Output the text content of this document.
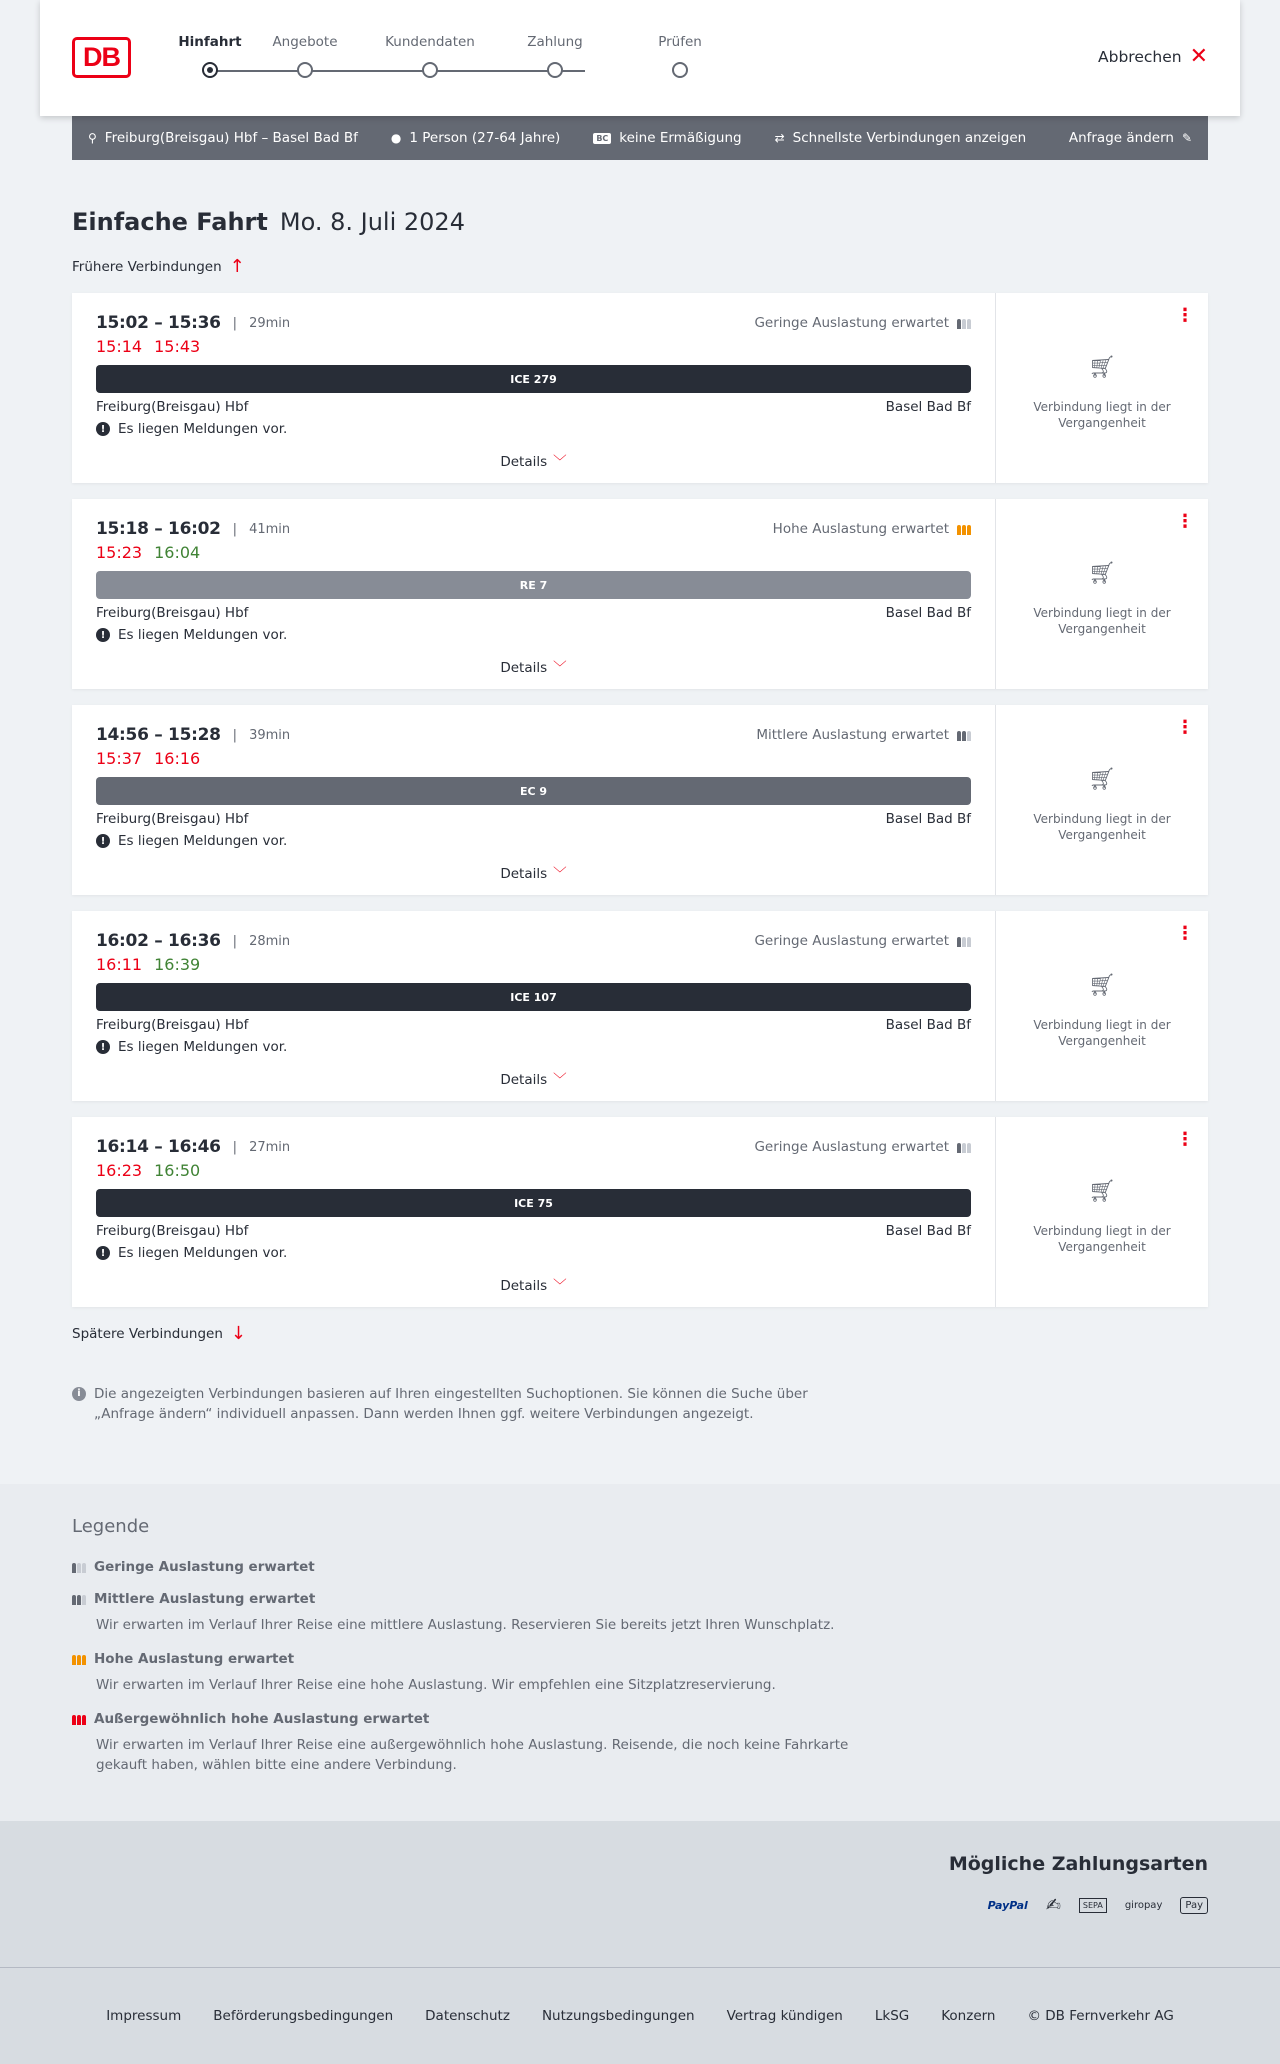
DB	Hinfahrt	Angebote	Kundendaten	Zahlung	Prüfen
Abbrechen ✕
⚲ Freiburg(Breisgau) Hbf – Basel Bad Bf	● 1 Person (27-64 Jahre)	BC keine Ermäßigung	⇄ Schnellste Verbindungen anzeigen	Anfrage ändern ✎
Einfache Fahrt Mo. 8. Juli 2024
Frühere Verbindungen ↑
15:02 – 15:36 | 29min	Geringe Auslastung erwartet
15:14 15:43
ICE 279
Freiburg(Breisgau) Hbf	Basel Bad Bf
! Es liegen Meldungen vor.
Details ﹀
⋮
🛒︎
Verbindung liegt in der Vergangenheit
15:18 – 16:02 | 41min	Hohe Auslastung erwartet
15:23 16:04
RE 7
Freiburg(Breisgau) Hbf	Basel Bad Bf
! Es liegen Meldungen vor.
Details ﹀
⋮
🛒︎
Verbindung liegt in der Vergangenheit
14:56 – 15:28 | 39min	Mittlere Auslastung erwartet
15:37 16:16
EC 9
Freiburg(Breisgau) Hbf	Basel Bad Bf
! Es liegen Meldungen vor.
Details ﹀
⋮
🛒︎
Verbindung liegt in der Vergangenheit
16:02 – 16:36 | 28min	Geringe Auslastung erwartet
16:11 16:39
ICE 107
Freiburg(Breisgau) Hbf	Basel Bad Bf
! Es liegen Meldungen vor.
Details ﹀
⋮
🛒︎
Verbindung liegt in der Vergangenheit
16:14 – 16:46 | 27min	Geringe Auslastung erwartet
16:23 16:50
ICE 75
Freiburg(Breisgau) Hbf	Basel Bad Bf
! Es liegen Meldungen vor.
Details ﹀
⋮
🛒︎
Verbindung liegt in der Vergangenheit
Spätere Verbindungen ↓
i Die angezeigten Verbindungen basieren auf Ihren eingestellten Suchoptionen. Sie können die Suche über „Anfrage ändern“ individuell anpassen. Dann werden Ihnen ggf. weitere Verbindungen angezeigt.
Legende
Geringe Auslastung erwartet
Mittlere Auslastung erwartet
Wir erwarten im Verlauf Ihrer Reise eine mittlere Auslastung. Reservieren Sie bereits jetzt Ihren Wunschplatz.
Hohe Auslastung erwartet
Wir erwarten im Verlauf Ihrer Reise eine hohe Auslastung. Wir empfehlen eine Sitzplatzreservierung.
Außergewöhnlich hohe Auslastung erwartet
Wir erwarten im Verlauf Ihrer Reise eine außergewöhnlich hohe Auslastung. Reisende, die noch keine Fahrkarte gekauft haben, wählen bitte eine andere Verbindung.
Mögliche Zahlungsarten
PayPal ✍	SEPA	giropay	Pay
Impressum Beförderungsbedingungen Datenschutz Nutzungsbedingungen Vertrag kündigen LkSG Konzern © DB Fernverkehr AG
